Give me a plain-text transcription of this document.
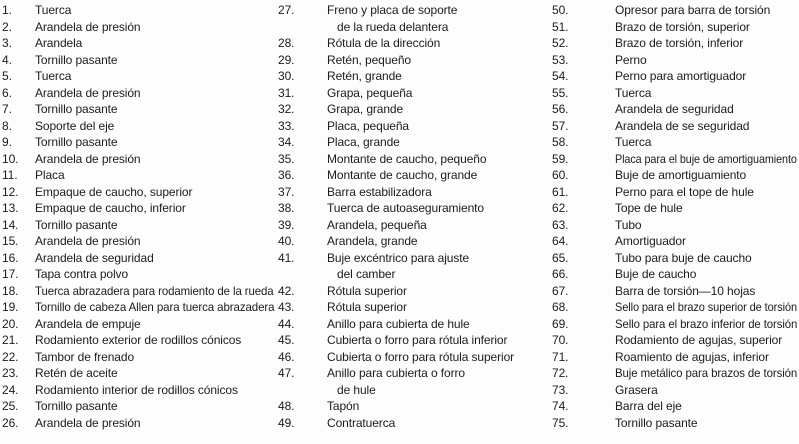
1.	Tuerca
2.	Arandela de presión
3.	Arandela
4.	Tornillo pasante
5.	Tuerca
6.	Arandela de presión
7.	Tornillo pasante
8.	Soporte del eje
9.	Tornillo pasante
10.	Arandela de presión
11.	Placa
12.	Empaque de caucho, superior
13.	Empaque de caucho, inferior
14.	Tornillo pasante
15.	Arandela de presión
16.	Arandela de seguridad
17.	Tapa contra polvo
18.	Tuerca abrazadera para rodamiento de la rueda
19.	Tornillo de cabeza Allen para tuerca abrazadera
20.	Arandela de empuje
21.	Rodamiento exterior de rodillos cónicos
22.	Tambor de frenado
23.	Retén de aceite
24.	Rodamiento interior de rodillos cónicos
25.	Tornillo pasante
26.	Arandela de presión
27.	Freno y placa de soporte
de la rueda delantera
28.	Rótula de la dirección
29.	Retén, pequeño
30.	Retén, grande
31.	Grapa, pequeña
32.	Grapa, grande
33.	Placa, pequeña
34.	Placa, grande
35.	Montante de caucho, pequeño
36.	Montante de caucho, grande
37.	Barra estabilizadora
38.	Tuerca de autoaseguramiento
39.	Arandela, pequeña
40.	Arandela, grande
41.	Buje excéntrico para ajuste
del camber
42.	Rótula superior
43.	Rótula superior
44.	Anillo para cubierta de hule
45.	Cubierta o forro para rótula inferior
46.	Cubierta o forro para rótula superior
47.	Anillo para cubierta o forro
de hule
48.	Tapón
49.	Contratuerca
50.	Opresor para barra de torsión
51.	Brazo de torsión, superior
52.	Brazo de torsión, inferior
53.	Perno
54.	Perno para amortiguador
55.	Tuerca
56.	Arandela de seguridad
57.	Arandela de se seguridad
58.	Tuerca
59.	Placa para el buje de amortiguamiento
60.	Buje de amortiguamiento
61.	Perno para el tope de hule
62.	Tope de hule
63.	Tubo
64.	Amortiguador
65.	Tubo para buje de caucho
66.	Buje de caucho
67.	Barra de torsión—10 hojas
68.	Sello para el brazo superior de torsión
69.	Sello para el brazo inferior de torsión
70.	Rodamiento de agujas, superior
71.	Roamiento de agujas, inferior
72.	Buje metálico para brazos de torsión
73.	Grasera
74.	Barra del eje
75.	Tornillo pasante
